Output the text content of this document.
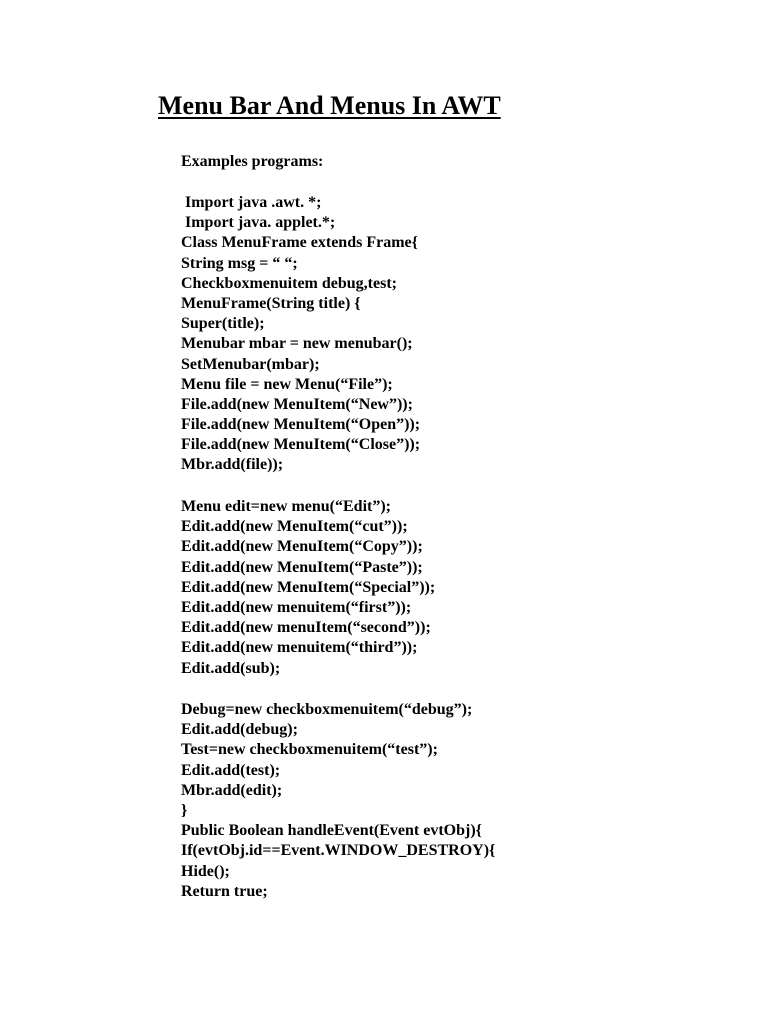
Menu Bar And Menus In AWT
Examples programs:
Import java .awt. *;
Import java. applet.*;
Class MenuFrame extends Frame{
String msg = “ “;
Checkboxmenuitem debug,test;
MenuFrame(String title) {
Super(title);
Menubar mbar = new menubar();
SetMenubar(mbar);
Menu file = new Menu(“File”);
File.add(new MenuItem(“New”));
File.add(new MenuItem(“Open”));
File.add(new MenuItem(“Close”));
Mbr.add(file));
Menu edit=new menu(“Edit”);
Edit.add(new MenuItem(“cut”));
Edit.add(new MenuItem(“Copy”));
Edit.add(new MenuItem(“Paste”));
Edit.add(new MenuItem(“Special”));
Edit.add(new menuitem(“first”));
Edit.add(new menuItem(“second”));
Edit.add(new menuitem(“third”));
Edit.add(sub);
Debug=new checkboxmenuitem(“debug”);
Edit.add(debug);
Test=new checkboxmenuitem(“test”);
Edit.add(test);
Mbr.add(edit);
}
Public Boolean handleEvent(Event evtObj){
If(evtObj.id==Event.WINDOW_DESTROY){
Hide();
Return true;
